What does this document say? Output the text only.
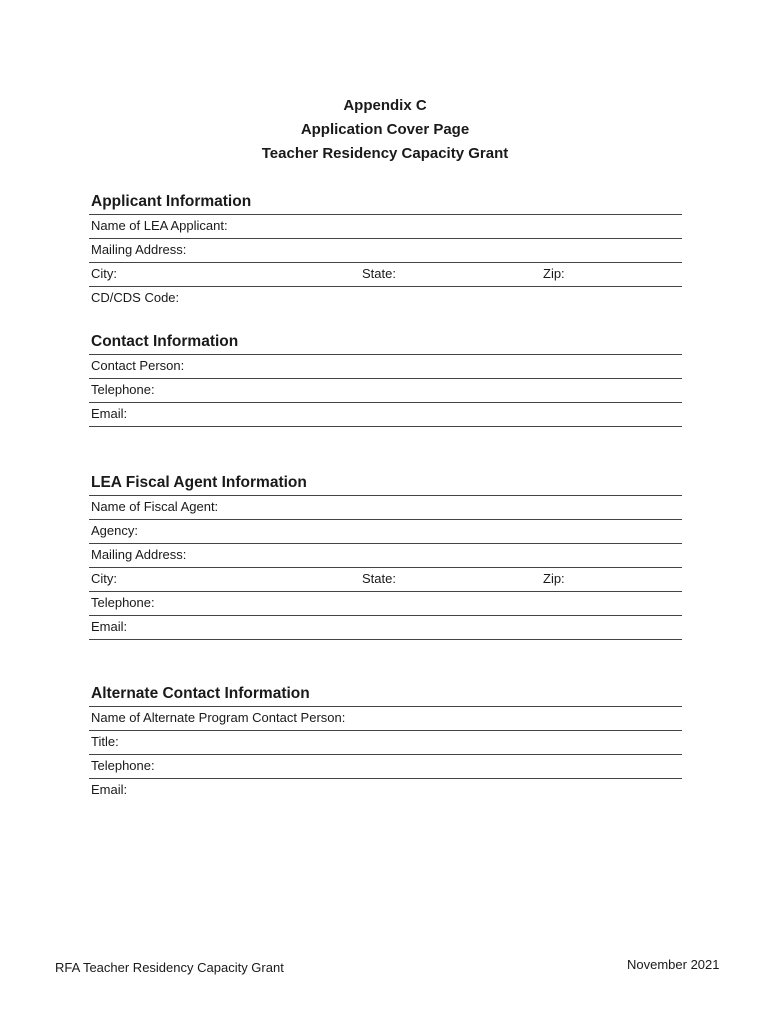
Appendix C
Application Cover Page
Teacher Residency Capacity Grant
Applicant Information
Name of LEA Applicant:
Mailing Address:
City:	State:	Zip:
CD/CDS Code:
Contact Information
Contact Person:
Telephone:
Email:
LEA Fiscal Agent Information
Name of Fiscal Agent:
Agency:
Mailing Address:
City:	State:	Zip:
Telephone:
Email:
Alternate Contact Information
Name of Alternate Program Contact Person:
Title:
Telephone:
Email:
RFA Teacher Residency Capacity Grant	November 2021
